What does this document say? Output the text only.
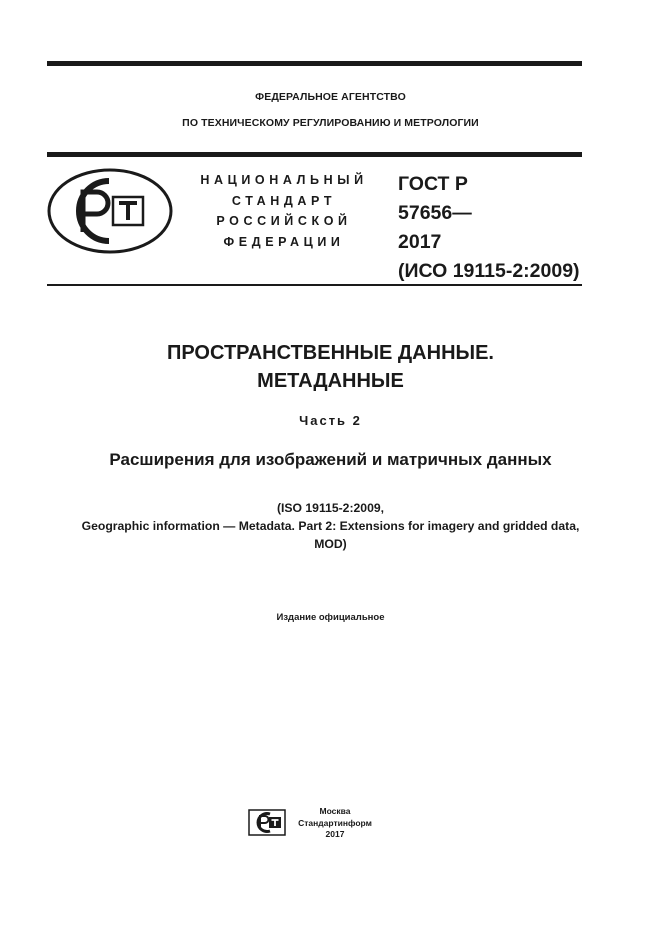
ФЕДЕРАЛЬНОЕ АГЕНТСТВО
ПО ТЕХНИЧЕСКОМУ РЕГУЛИРОВАНИЮ И МЕТРОЛОГИИ
НАЦИОНАЛЬНЫЙ
СТАНДАРТ
РОССИЙСКОЙ
ФЕДЕРАЦИИ
ГОСТ Р
57656—
2017
(ИСО 19115-2:2009)
ПРОСТРАНСТВЕННЫЕ ДАННЫЕ.
МЕТАДАННЫЕ
Часть 2
Расширения для изображений и матричных данных
(ISO 19115-2:2009,
Geographic information — Metadata. Part 2: Extensions for imagery and gridded data,
MOD)
Издание официальное
Москва
Стандартинформ
2017
